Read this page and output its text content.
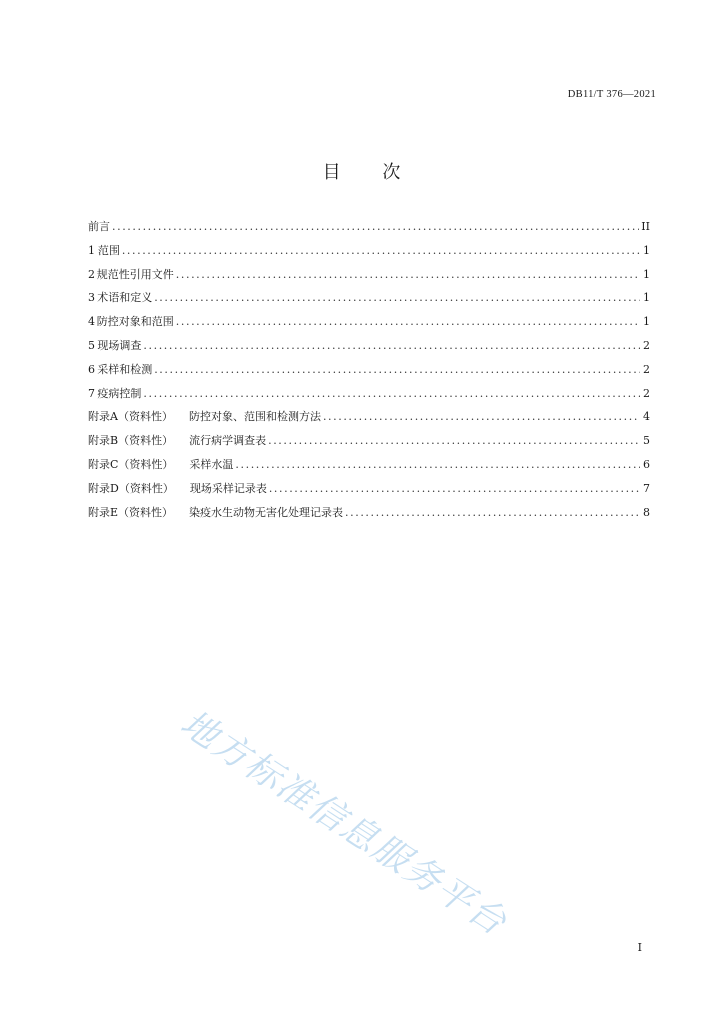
DB11/T 376—2021
目 次
前言 .....	II
1 范围 .....	1
2 规范性引用文件 .....	1
3 术语和定义 .....	1
4 防控对象和范围 .....	1
5 现场调查 .....	2
6 采样和检测 .....	2
7 疫病控制 .....	2
附录A（资料性） 防控对象、范围和检测方法 .....	4
附录B（资料性） 流行病学调查表 .....	5
附录C（资料性） 采样水温 .....	6
附录D（资料性） 现场采样记录表 .....	7
附录E（资料性） 染疫水生动物无害化处理记录表 .....	8
地方标准信息服务平台
I
